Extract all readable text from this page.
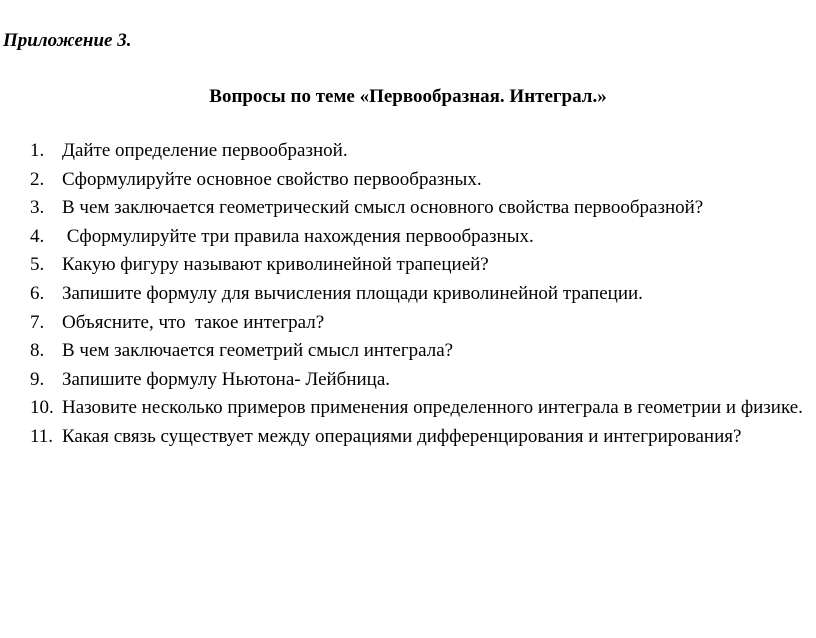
Приложение 3.
Вопросы по теме «Первообразная. Интеграл.»
1. Дайте определение первообразной.
2. Сформулируйте основное свойство первообразных.
3. В чем заключается геометрический смысл основного свойства первообразной?
4. Сформулируйте три правила нахождения первообразных.
5. Какую фигуру называют криволинейной трапецией?
6. Запишите формулу для вычисления площади криволинейной трапеции.
7. Объясните, что  такое интеграл?
8. В чем заключается геометрий смысл интеграла?
9. Запишите формулу Ньютона- Лейбница.
10. Назовите несколько примеров применения определенного интеграла в геометрии и физике.
11. Какая связь существует между операциями дифференцирования и интегрирования?
